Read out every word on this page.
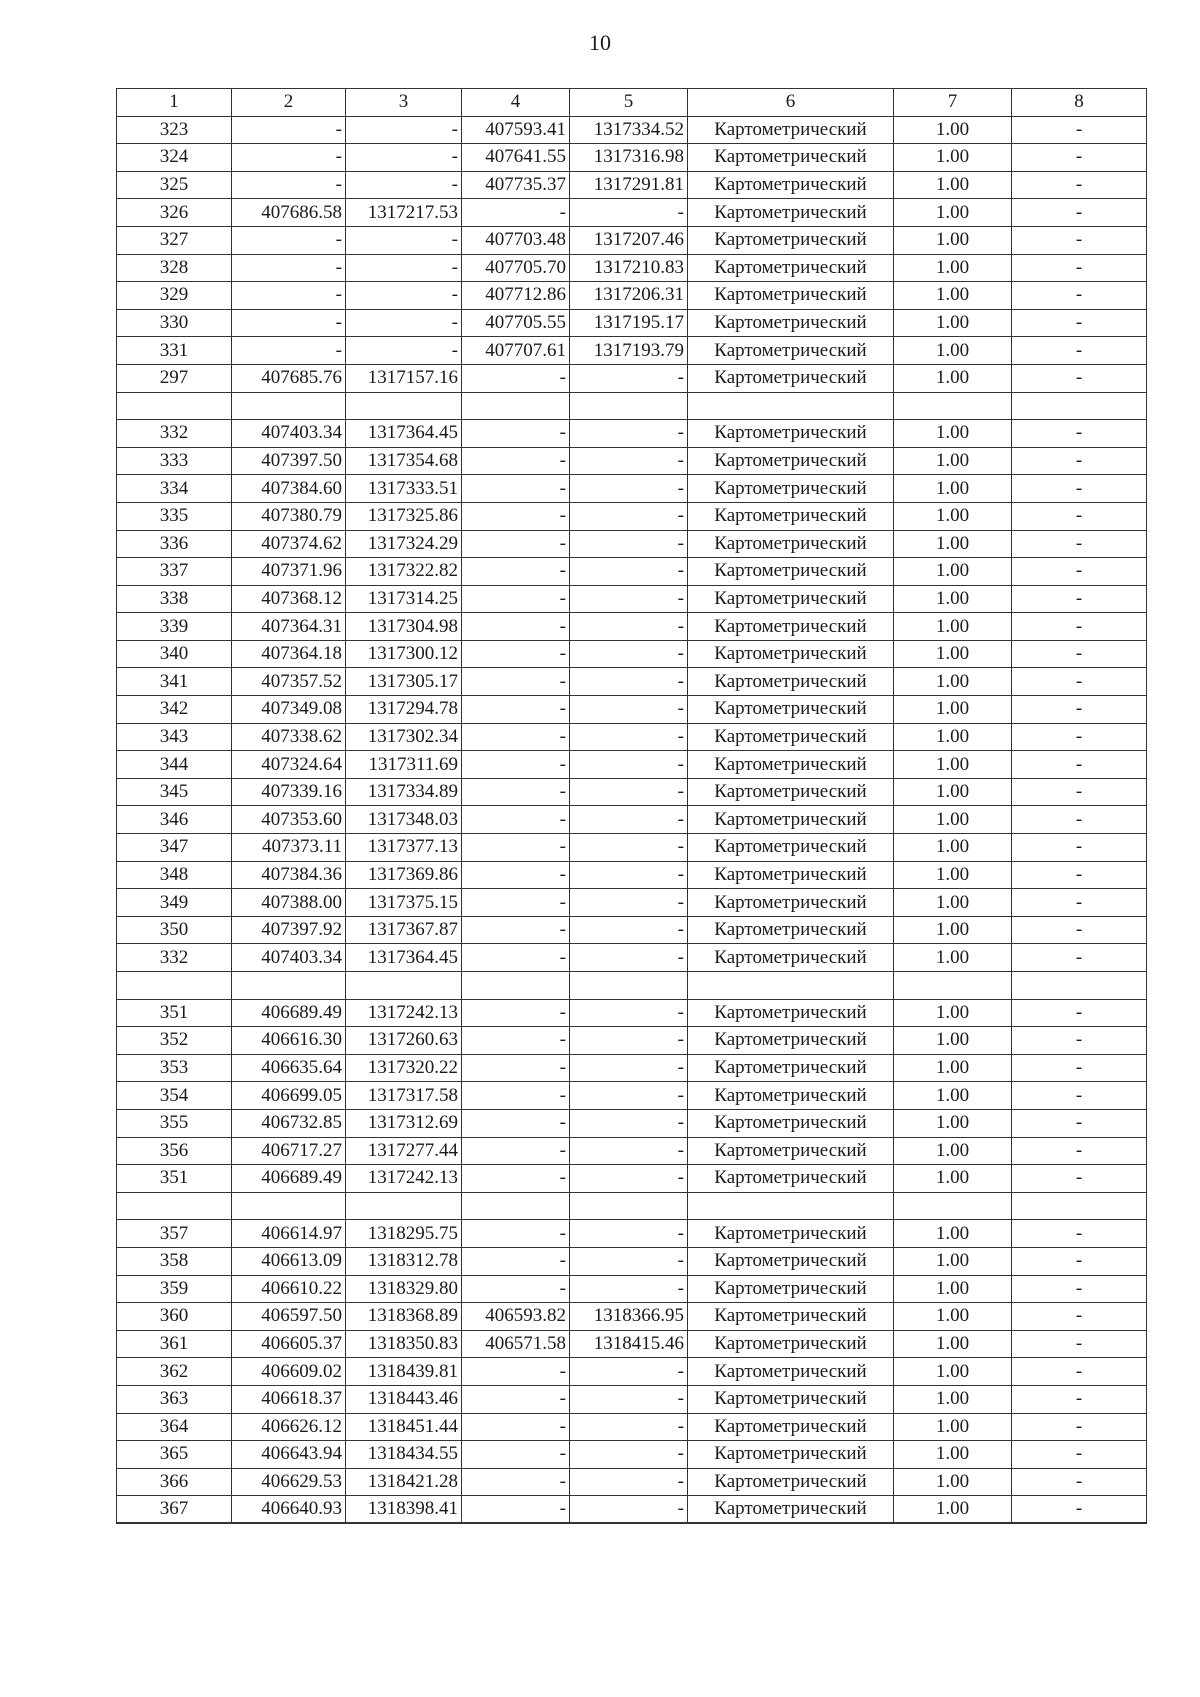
10
1	2	3	4	5	6	7	8
323	-	-	407593.41	1317334.52	Картометрический	1.00	-
324	-	-	407641.55	1317316.98	Картометрический	1.00	-
325	-	-	407735.37	1317291.81	Картометрический	1.00	-
326	407686.58	1317217.53	-	-	Картометрический	1.00	-
327	-	-	407703.48	1317207.46	Картометрический	1.00	-
328	-	-	407705.70	1317210.83	Картометрический	1.00	-
329	-	-	407712.86	1317206.31	Картометрический	1.00	-
330	-	-	407705.55	1317195.17	Картометрический	1.00	-
331	-	-	407707.61	1317193.79	Картометрический	1.00	-
297	407685.76	1317157.16	-	-	Картометрический	1.00	-

332	407403.34	1317364.45	-	-	Картометрический	1.00	-
333	407397.50	1317354.68	-	-	Картометрический	1.00	-
334	407384.60	1317333.51	-	-	Картометрический	1.00	-
335	407380.79	1317325.86	-	-	Картометрический	1.00	-
336	407374.62	1317324.29	-	-	Картометрический	1.00	-
337	407371.96	1317322.82	-	-	Картометрический	1.00	-
338	407368.12	1317314.25	-	-	Картометрический	1.00	-
339	407364.31	1317304.98	-	-	Картометрический	1.00	-
340	407364.18	1317300.12	-	-	Картометрический	1.00	-
341	407357.52	1317305.17	-	-	Картометрический	1.00	-
342	407349.08	1317294.78	-	-	Картометрический	1.00	-
343	407338.62	1317302.34	-	-	Картометрический	1.00	-
344	407324.64	1317311.69	-	-	Картометрический	1.00	-
345	407339.16	1317334.89	-	-	Картометрический	1.00	-
346	407353.60	1317348.03	-	-	Картометрический	1.00	-
347	407373.11	1317377.13	-	-	Картометрический	1.00	-
348	407384.36	1317369.86	-	-	Картометрический	1.00	-
349	407388.00	1317375.15	-	-	Картометрический	1.00	-
350	407397.92	1317367.87	-	-	Картометрический	1.00	-
332	407403.34	1317364.45	-	-	Картометрический	1.00	-

351	406689.49	1317242.13	-	-	Картометрический	1.00	-
352	406616.30	1317260.63	-	-	Картометрический	1.00	-
353	406635.64	1317320.22	-	-	Картометрический	1.00	-
354	406699.05	1317317.58	-	-	Картометрический	1.00	-
355	406732.85	1317312.69	-	-	Картометрический	1.00	-
356	406717.27	1317277.44	-	-	Картометрический	1.00	-
351	406689.49	1317242.13	-	-	Картометрический	1.00	-

357	406614.97	1318295.75	-	-	Картометрический	1.00	-
358	406613.09	1318312.78	-	-	Картометрический	1.00	-
359	406610.22	1318329.80	-	-	Картометрический	1.00	-
360	406597.50	1318368.89	406593.82	1318366.95	Картометрический	1.00	-
361	406605.37	1318350.83	406571.58	1318415.46	Картометрический	1.00	-
362	406609.02	1318439.81	-	-	Картометрический	1.00	-
363	406618.37	1318443.46	-	-	Картометрический	1.00	-
364	406626.12	1318451.44	-	-	Картометрический	1.00	-
365	406643.94	1318434.55	-	-	Картометрический	1.00	-
366	406629.53	1318421.28	-	-	Картометрический	1.00	-
367	406640.93	1318398.41	-	-	Картометрический	1.00	-
